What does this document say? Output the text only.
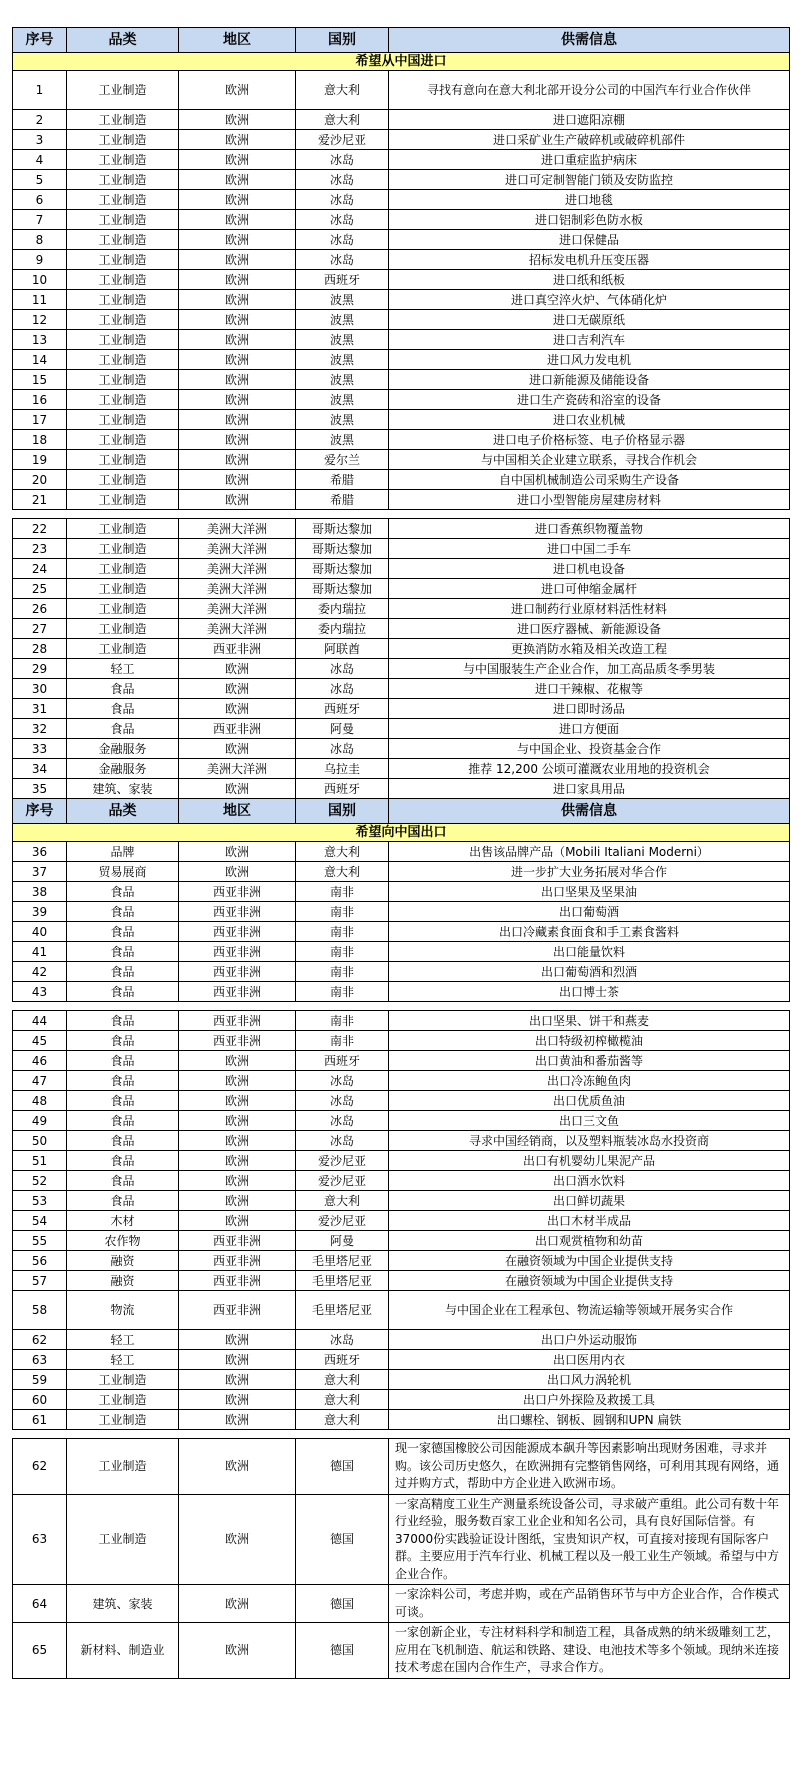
序号	品类	地区	国别	供需信息
希望从中国进口				
1	工业制造	欧洲	意大利	寻找有意向在意大利北部开设分公司的中国汽车行业合作伙伴
2	工业制造	欧洲	意大利	进口遮阳凉棚
3	工业制造	欧洲	爱沙尼亚	进口采矿业生产破碎机或破碎机部件
4	工业制造	欧洲	冰岛	进口重症监护病床
5	工业制造	欧洲	冰岛	进口可定制智能门锁及安防监控
6	工业制造	欧洲	冰岛	进口地毯
7	工业制造	欧洲	冰岛	进口铝制彩色防水板
8	工业制造	欧洲	冰岛	进口保健品
9	工业制造	欧洲	冰岛	招标发电机升压变压器
10	工业制造	欧洲	西班牙	进口纸和纸板
11	工业制造	欧洲	波黑	进口真空淬火炉、气体硝化炉
12	工业制造	欧洲	波黑	进口无碳原纸
13	工业制造	欧洲	波黑	进口吉利汽车
14	工业制造	欧洲	波黑	进口风力发电机
15	工业制造	欧洲	波黑	进口新能源及储能设备
16	工业制造	欧洲	波黑	进口生产瓷砖和浴室的设备
17	工业制造	欧洲	波黑	进口农业机械
18	工业制造	欧洲	波黑	进口电子价格标签、电子价格显示器
19	工业制造	欧洲	爱尔兰	与中国相关企业建立联系，寻找合作机会
20	工业制造	欧洲	希腊	自中国机械制造公司采购生产设备
21	工业制造	欧洲	希腊	进口小型智能房屋建房材料

22	工业制造	美洲大洋洲	哥斯达黎加	进口香蕉织物覆盖物
23	工业制造	美洲大洋洲	哥斯达黎加	进口中国二手车
24	工业制造	美洲大洋洲	哥斯达黎加	进口机电设备
25	工业制造	美洲大洋洲	哥斯达黎加	进口可伸缩金属杆
26	工业制造	美洲大洋洲	委内瑞拉	进口制药行业原材料活性材料
27	工业制造	美洲大洋洲	委内瑞拉	进口医疗器械、新能源设备
28	工业制造	西亚非洲	阿联酋	更换消防水箱及相关改造工程
29	轻工	欧洲	冰岛	与中国服装生产企业合作，加工高品质冬季男装
30	食品	欧洲	冰岛	进口干辣椒、花椒等
31	食品	欧洲	西班牙	进口即时汤品
32	食品	西亚非洲	阿曼	进口方便面
33	金融服务	欧洲	冰岛	与中国企业、投资基金合作
34	金融服务	美洲大洋洲	乌拉圭	推荐 12,200 公顷可灌溉农业用地的投资机会
35	建筑、家装	欧洲	西班牙	进口家具用品
序号	品类	地区	国别	供需信息
希望向中国出口				
36	品牌	欧洲	意大利	出售该品牌产品（Mobili Italiani Moderni）
37	贸易展商	欧洲	意大利	进一步扩大业务拓展对华合作
38	食品	西亚非洲	南非	出口坚果及坚果油
39	食品	西亚非洲	南非	出口葡萄酒
40	食品	西亚非洲	南非	出口冷藏素食面食和手工素食酱料
41	食品	西亚非洲	南非	出口能量饮料
42	食品	西亚非洲	南非	出口葡萄酒和烈酒
43	食品	西亚非洲	南非	出口博士茶

44	食品	西亚非洲	南非	出口坚果、饼干和燕麦
45	食品	西亚非洲	南非	出口特级初榨橄榄油
46	食品	欧洲	西班牙	出口黄油和番茄酱等
47	食品	欧洲	冰岛	出口冷冻鲍鱼肉
48	食品	欧洲	冰岛	出口优质鱼油
49	食品	欧洲	冰岛	出口三文鱼
50	食品	欧洲	冰岛	寻求中国经销商，以及塑料瓶装冰岛水投资商
51	食品	欧洲	爱沙尼亚	出口有机婴幼儿果泥产品
52	食品	欧洲	爱沙尼亚	出口酒水饮料
53	食品	欧洲	意大利	出口鲜切蔬果
54	木材	欧洲	爱沙尼亚	出口木材半成品
55	农作物	西亚非洲	阿曼	出口观赏植物和幼苗
56	融资	西亚非洲	毛里塔尼亚	在融资领域为中国企业提供支持
57	融资	西亚非洲	毛里塔尼亚	在融资领域为中国企业提供支持
58	物流	西亚非洲	毛里塔尼亚	与中国企业在工程承包、物流运输等领域开展务实合作
62	轻工	欧洲	冰岛	出口户外运动服饰
63	轻工	欧洲	西班牙	出口医用内衣
59	工业制造	欧洲	意大利	出口风力涡轮机
60	工业制造	欧洲	意大利	出口户外探险及救援工具
61	工业制造	欧洲	意大利	出口螺栓、钢板、圆钢和UPN 扁铁

62	工业制造	欧洲	德国	现一家德国橡胶公司因能源成本飙升等因素影响出现财务困难，寻求并购。该公司历史悠久，在欧洲拥有完整销售网络，可利用其现有网络，通过并购方式，帮助中方企业进入欧洲市场。
63	工业制造	欧洲	德国	一家高精度工业生产测量系统设备公司，寻求破产重组。此公司有数十年行业经验，服务数百家工业企业和知名公司，具有良好国际信誉。有37000份实践验证设计图纸，宝贵知识产权，可直接对接现有国际客户群。主要应用于汽车行业、机械工程以及一般工业生产领域。希望与中方企业合作。
64	建筑、家装	欧洲	德国	一家涂料公司，考虑并购，或在产品销售环节与中方企业合作，合作模式可谈。
65	新材料、制造业	欧洲	德国	一家创新企业，专注材料科学和制造工程，具备成熟的纳米级雕刻工艺，应用在飞机制造、航运和铁路、建设、电池技术等多个领域。现纳米连接技术考虑在国内合作生产，寻求合作方。
